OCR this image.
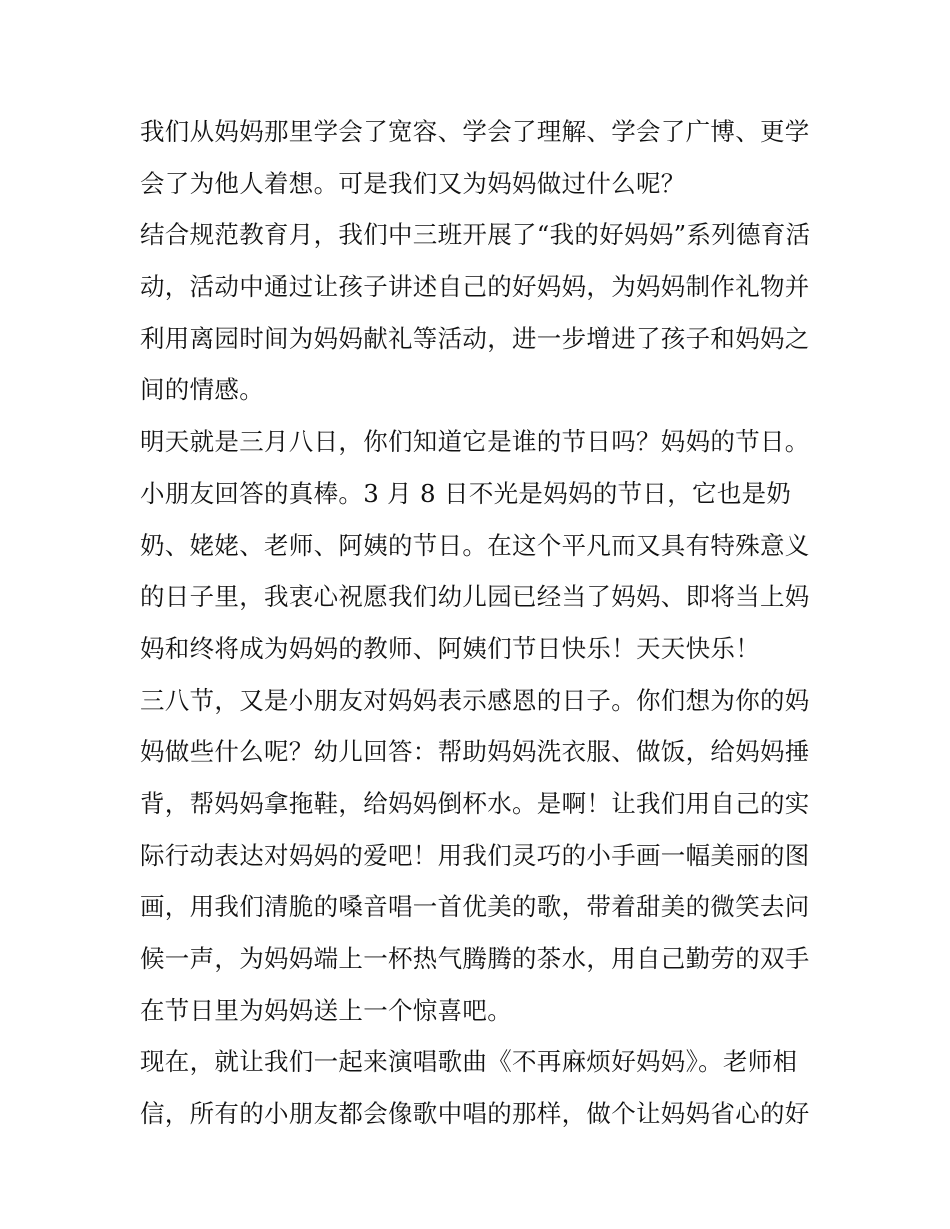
我们从妈妈那里学会了宽容、学会了理解、学会了广博、更学
会了为他人着想。可是我们又为妈妈做过什么呢？
结合规范教育月，我们中三班开展了“我的好妈妈”系列德育活
动，活动中通过让孩子讲述自己的好妈妈，为妈妈制作礼物并
利用离园时间为妈妈献礼等活动，进一步增进了孩子和妈妈之
间的情感。
明天就是三月八日，你们知道它是谁的节日吗？妈妈的节日。
小朋友回答的真棒。3 月 8 日不光是妈妈的节日，它也是奶
奶、姥姥、老师、阿姨的节日。在这个平凡而又具有特殊意义
的日子里，我衷心祝愿我们幼儿园已经当了妈妈、即将当上妈
妈和终将成为妈妈的教师、阿姨们节日快乐！天天快乐！
三八节，又是小朋友对妈妈表示感恩的日子。你们想为你的妈
妈做些什么呢？幼儿回答：帮助妈妈洗衣服、做饭，给妈妈捶
背，帮妈妈拿拖鞋，给妈妈倒杯水。是啊！让我们用自己的实
际行动表达对妈妈的爱吧！用我们灵巧的小手画一幅美丽的图
画，用我们清脆的嗓音唱一首优美的歌，带着甜美的微笑去问
候一声，为妈妈端上一杯热气腾腾的茶水，用自己勤劳的双手
在节日里为妈妈送上一个惊喜吧。
现在，就让我们一起来演唱歌曲《不再麻烦好妈妈》。老师相
信，所有的小朋友都会像歌中唱的那样，做个让妈妈省心的好
